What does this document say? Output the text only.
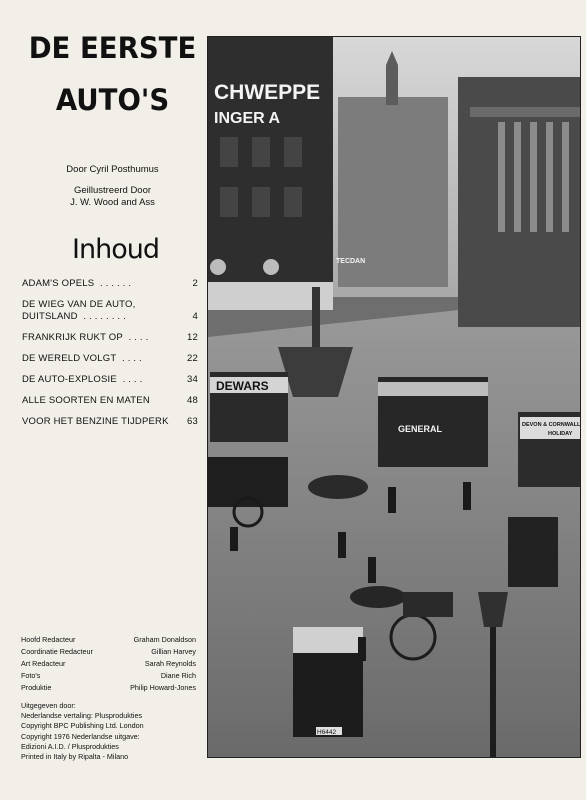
DE EERSTE
AUTO'S
Door Cyril Posthumus
Geillustreerd Door
J. W. Wood and Ass
Inhoud
ADAM'S OPELS . . . . . .	2
DE WIEG VAN DE AUTO,
DUITSLAND . . . . . . . .	4
FRANKRIJK RUKT OP . . . .	12
DE WERELD VOLGT . . . .	22
DE AUTO-EXPLOSIE . . . .	34
ALLE SOORTEN EN MATEN	48
VOOR HET BENZINE TIJDPERK 63
Hoofd Redacteur	Graham Donaldson
Coordinatie Redacteur	Gillian Harvey
Art Redacteur	Sarah Reynolds
Foto's	Diane Rich
Produktie	Philip Howard-Jones
Uitgegeven door:
Nederlandse vertaling: Plusprodukties
Copyright BPC Publishing Ltd. London
Copyright 1976 Nederlandse uitgave:
Edizioni A.I.D. / Plusprodukties
Printed in Italy by Ripalta - Milano
CHWEPPE
INGER A
TECDAN
DEWARS
GENERAL	DEVON & CORNWALL
HOLIDAY
H6442
